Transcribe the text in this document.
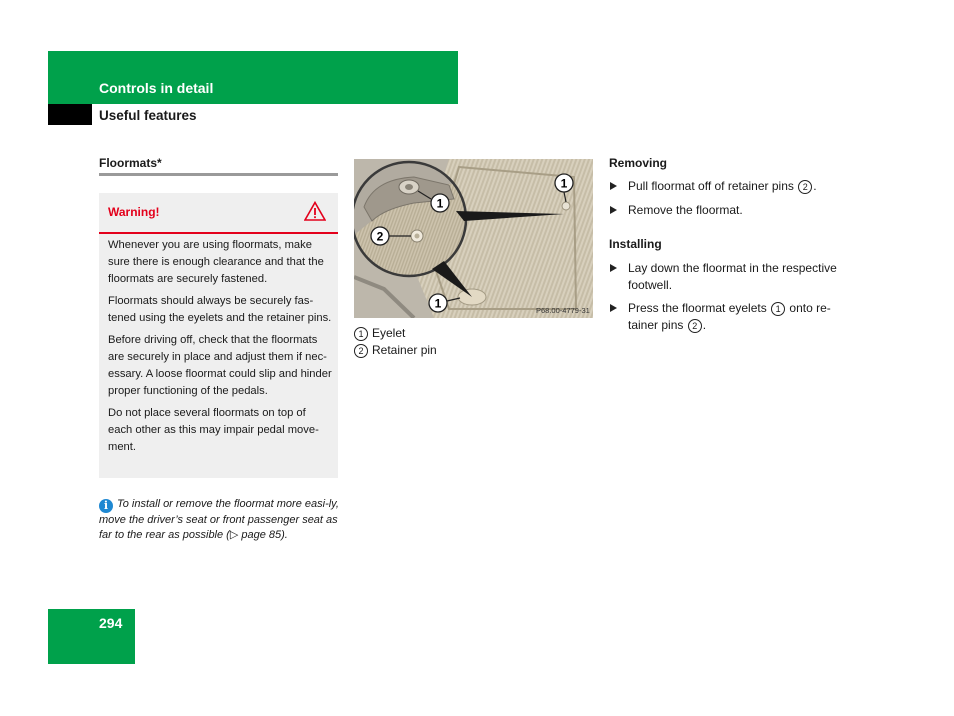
Controls in detail
Useful features
Floormats*
Warning!

Whenever you are using floormats, make sure there is enough clearance and that the floormats are securely fastened.

Floormats should always be securely fas-tened using the eyelets and the retainer pins.

Before driving off, check that the floormats are securely in place and adjust them if nec-essary. A loose floormat could slip and hinder proper functioning of the pedals.

Do not place several floormats on top of each other as this may impair pedal move-ment.

i To install or remove the floormat more easi-ly, move the driver’s seat or front passenger seat as far to the rear as possible (▷ page 85).
1
2
1
1	P68.00-4779-31
1 Eyelet
2 Retainer pin
Removing
Pull floormat off of retainer pins 2 .
Remove the floormat.
Installing
Lay down the floormat in the respective footwell.
Press the floormat eyelets 1 onto re-tainer pins 2 .
294
